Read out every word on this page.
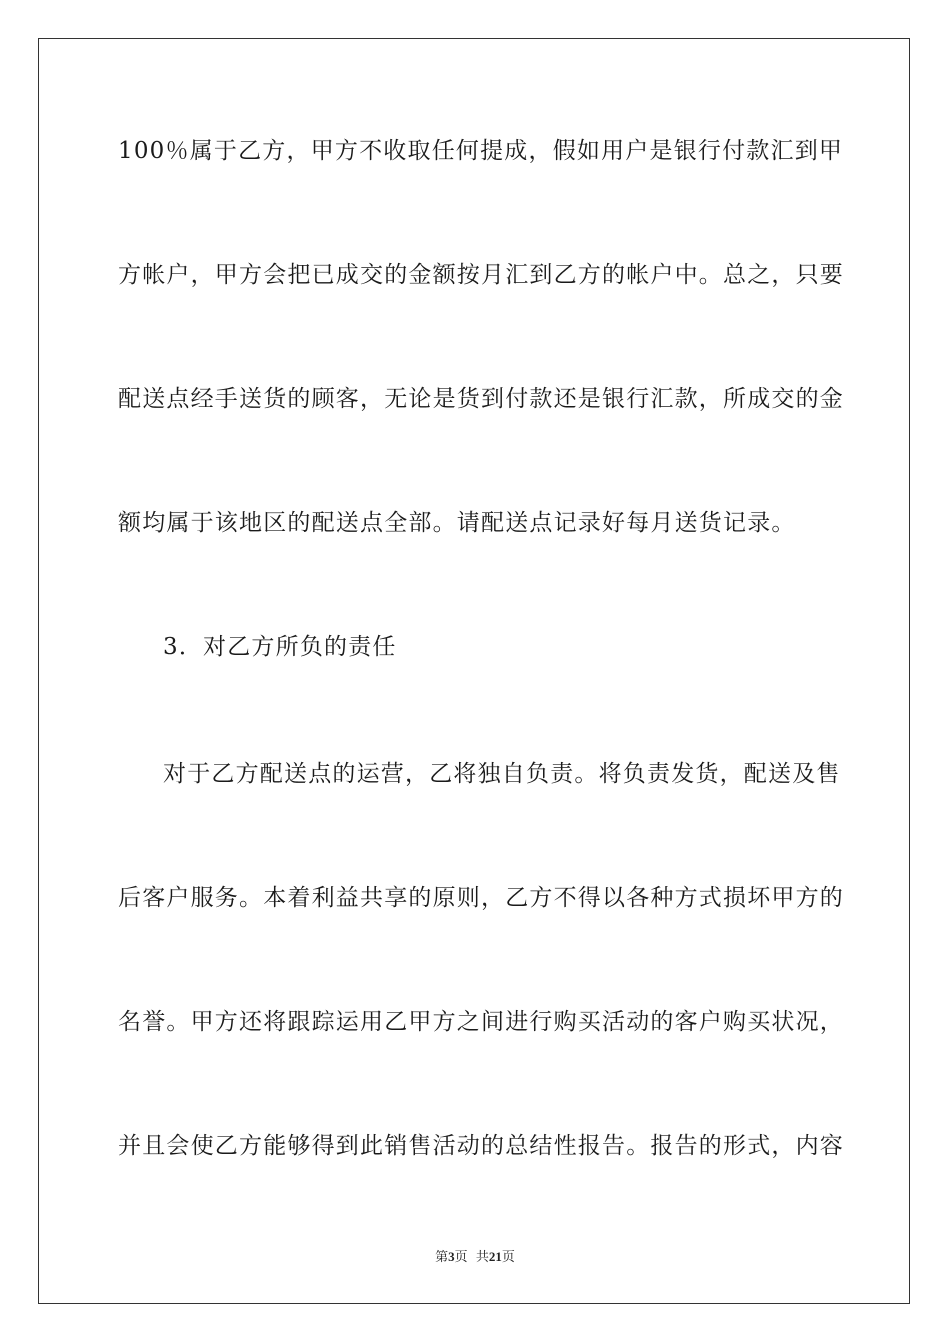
100％属于乙方，甲方不收取任何提成，假如用户是银行付款汇到甲
方帐户，甲方会把已成交的金额按月汇到乙方的帐户中。总之，只要
配送点经手送货的顾客，无论是货到付款还是银行汇款，所成交的金
额均属于该地区的配送点全部。请配送点记录好每月送货记录。
3．对乙方所负的责任
对于乙方配送点的运营，乙将独自负责。将负责发货，配送及售
后客户服务。本着利益共享的原则，乙方不得以各种方式损坏甲方的
名誉。甲方还将跟踪运用乙甲方之间进行购买活动的客户购买状况，
并且会使乙方能够得到此销售活动的总结性报告。报告的形式，内容
第3页  共21页
